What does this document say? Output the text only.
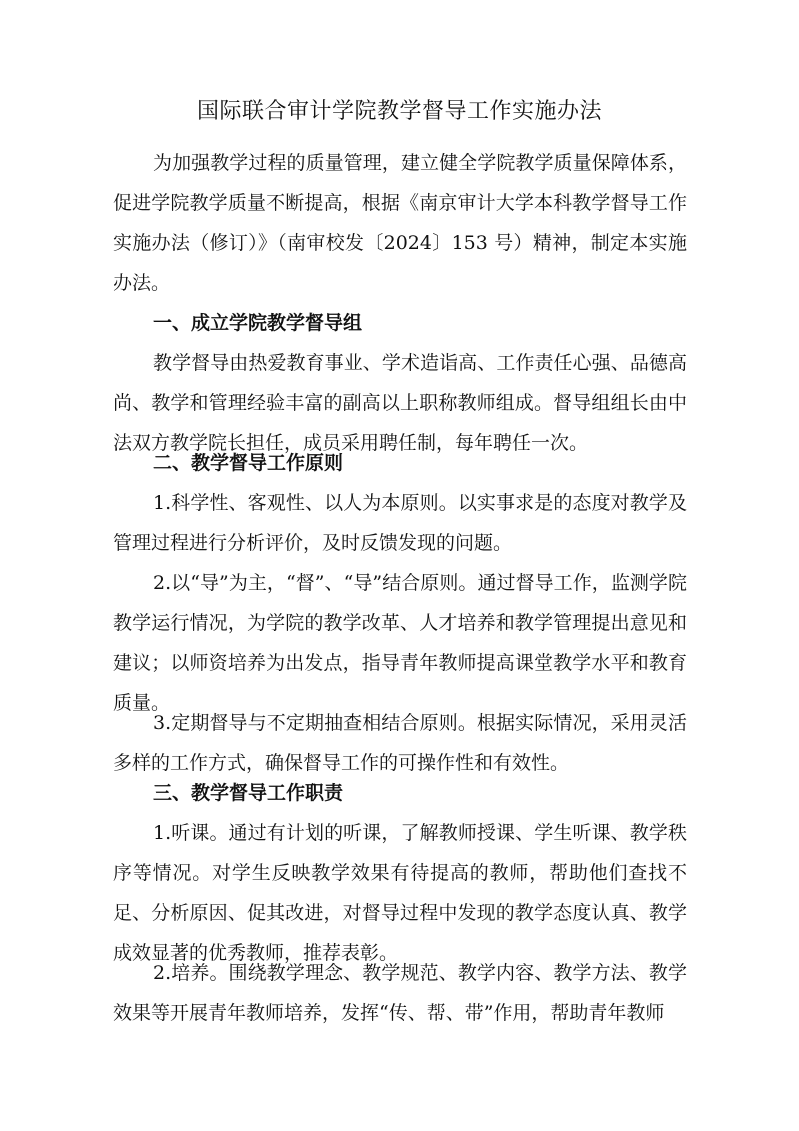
国际联合审计学院教学督导工作实施办法
为加强教学过程的质量管理，建立健全学院教学质量保障体系，促进学院教学质量不断提高，根据《南京审计大学本科教学督导工作实施办法（修订）》（南审校发〔2024〕153 号）精神，制定本实施办法。
一、成立学院教学督导组
教学督导由热爱教育事业、学术造诣高、工作责任心强、品德高尚、教学和管理经验丰富的副高以上职称教师组成。督导组组长由中法双方教学院长担任，成员采用聘任制，每年聘任一次。
二、教学督导工作原则
1.科学性、客观性、以人为本原则。以实事求是的态度对教学及管理过程进行分析评价，及时反馈发现的问题。
2.以“导”为主，“督”、“导”结合原则。通过督导工作，监测学院教学运行情况，为学院的教学改革、人才培养和教学管理提出意见和建议；以师资培养为出发点，指导青年教师提高课堂教学水平和教育质量。
3.定期督导与不定期抽查相结合原则。根据实际情况，采用灵活多样的工作方式，确保督导工作的可操作性和有效性。
三、教学督导工作职责
1.听课。通过有计划的听课，了解教师授课、学生听课、教学秩序等情况。对学生反映教学效果有待提高的教师，帮助他们查找不足、分析原因、促其改进，对督导过程中发现的教学态度认真、教学成效显著的优秀教师，推荐表彰。
2.培养。围绕教学理念、教学规范、教学内容、教学方法、教学效果等开展青年教师培养，发挥“传、帮、带”作用，帮助青年教师
